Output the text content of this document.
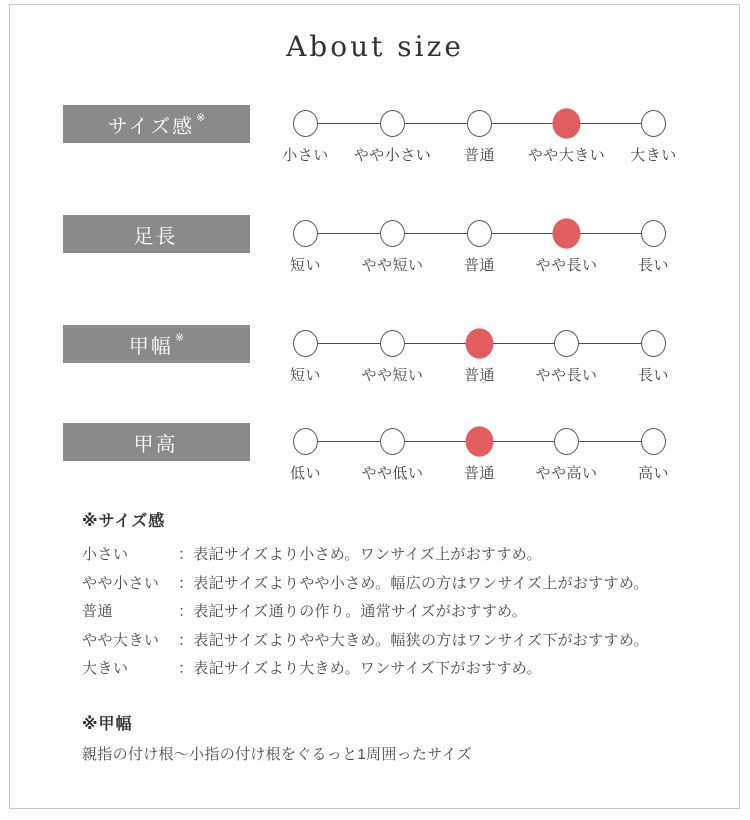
About size
サイズ感※
小さい やや小さい 普通 やや大きい 大きい
足長
短い	やや短い	普通	やや長い	長い
甲幅※
短い	やや短い	普通	やや長い	長い
甲高
低い	やや低い	普通	やや高い	高い
※サイズ感
小さい	：表記サイズより小さめ。ワンサイズ上がおすすめ。
やや小さい	：表記サイズよりやや小さめ。幅広の方はワンサイズ上がおすすめ。
普通	：表記サイズ通りの作り。通常サイズがおすすめ。
やや大きい	：表記サイズよりやや大きめ。幅狭の方はワンサイズ下がおすすめ。
大きい	：表記サイズより大きめ。ワンサイズ下がおすすめ。
※甲幅
親指の付け根〜小指の付け根をぐるっと1周囲ったサイズ
